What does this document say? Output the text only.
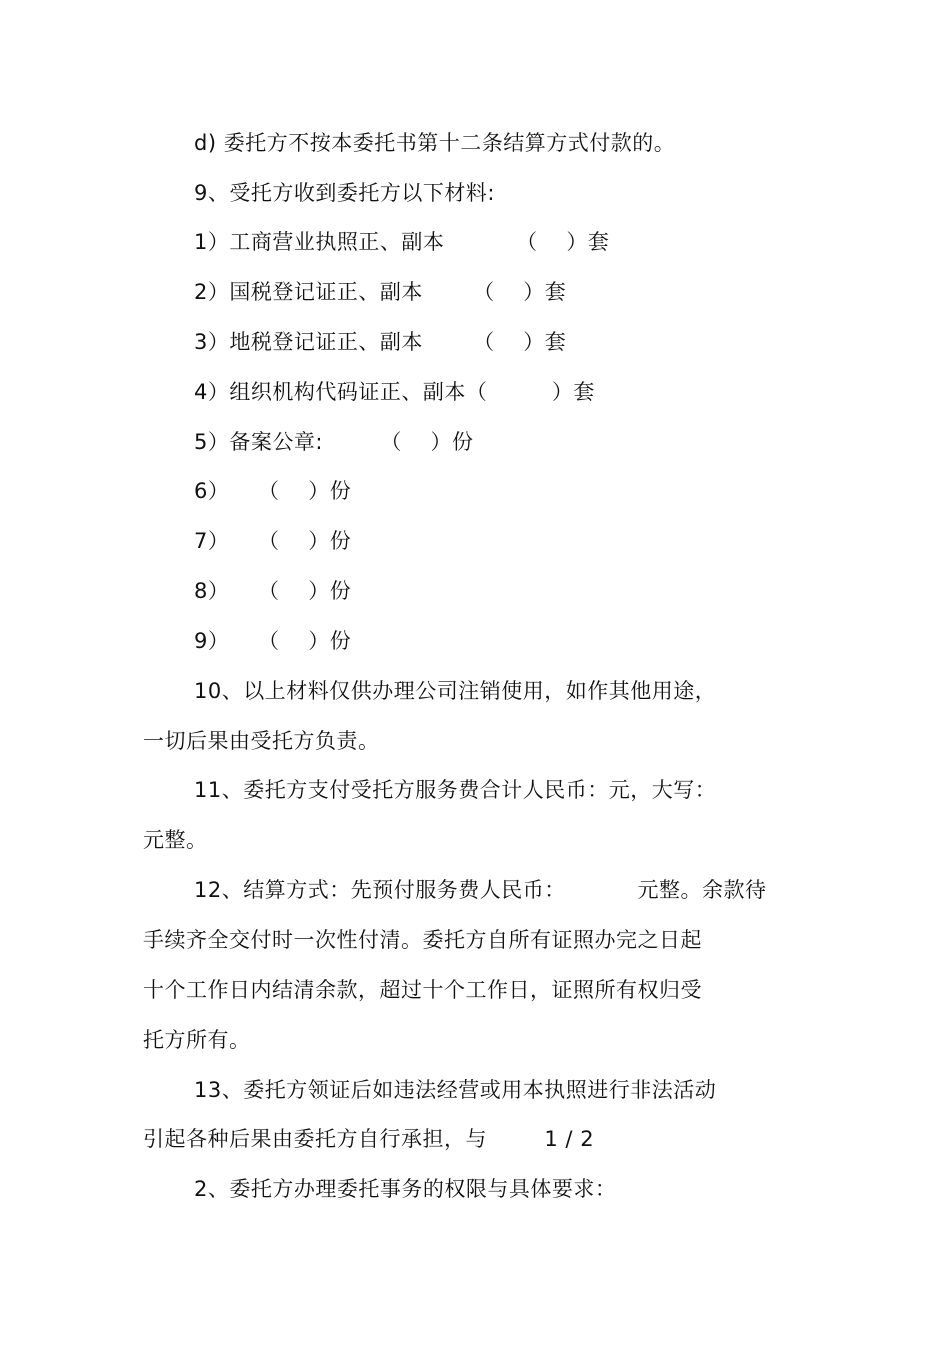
d) 委托方不按本委托书第十二条结算方式付款的。
9、受托方收到委托方以下材料:
1）工商营业执照正、副本          （    ）套
2）国税登记证正、副本       （    ）套
3）地税登记证正、副本       （    ）套
4）组织机构代码证正、副本（         ）套
5）备案公章:        （    ）份
6）    （    ）份
7）    （    ）份
8）    （    ）份
9）    （    ）份
10、以上材料仅供办理公司注销使用，如作其他用途，
一切后果由受托方负责。
11、委托方支付受托方服务费合计人民币：元，大写：
元整。
12、结算方式：先预付服务费人民币：          元整。余款待
手续齐全交付时一次性付清。委托方自所有证照办完之日起
十个工作日内结清余款，超过十个工作日，证照所有权归受
托方所有。
13、委托方领证后如违法经营或用本执照进行非法活动
引起各种后果由委托方自行承担，与        1 / 2
2、委托方办理委托事务的权限与具体要求：
